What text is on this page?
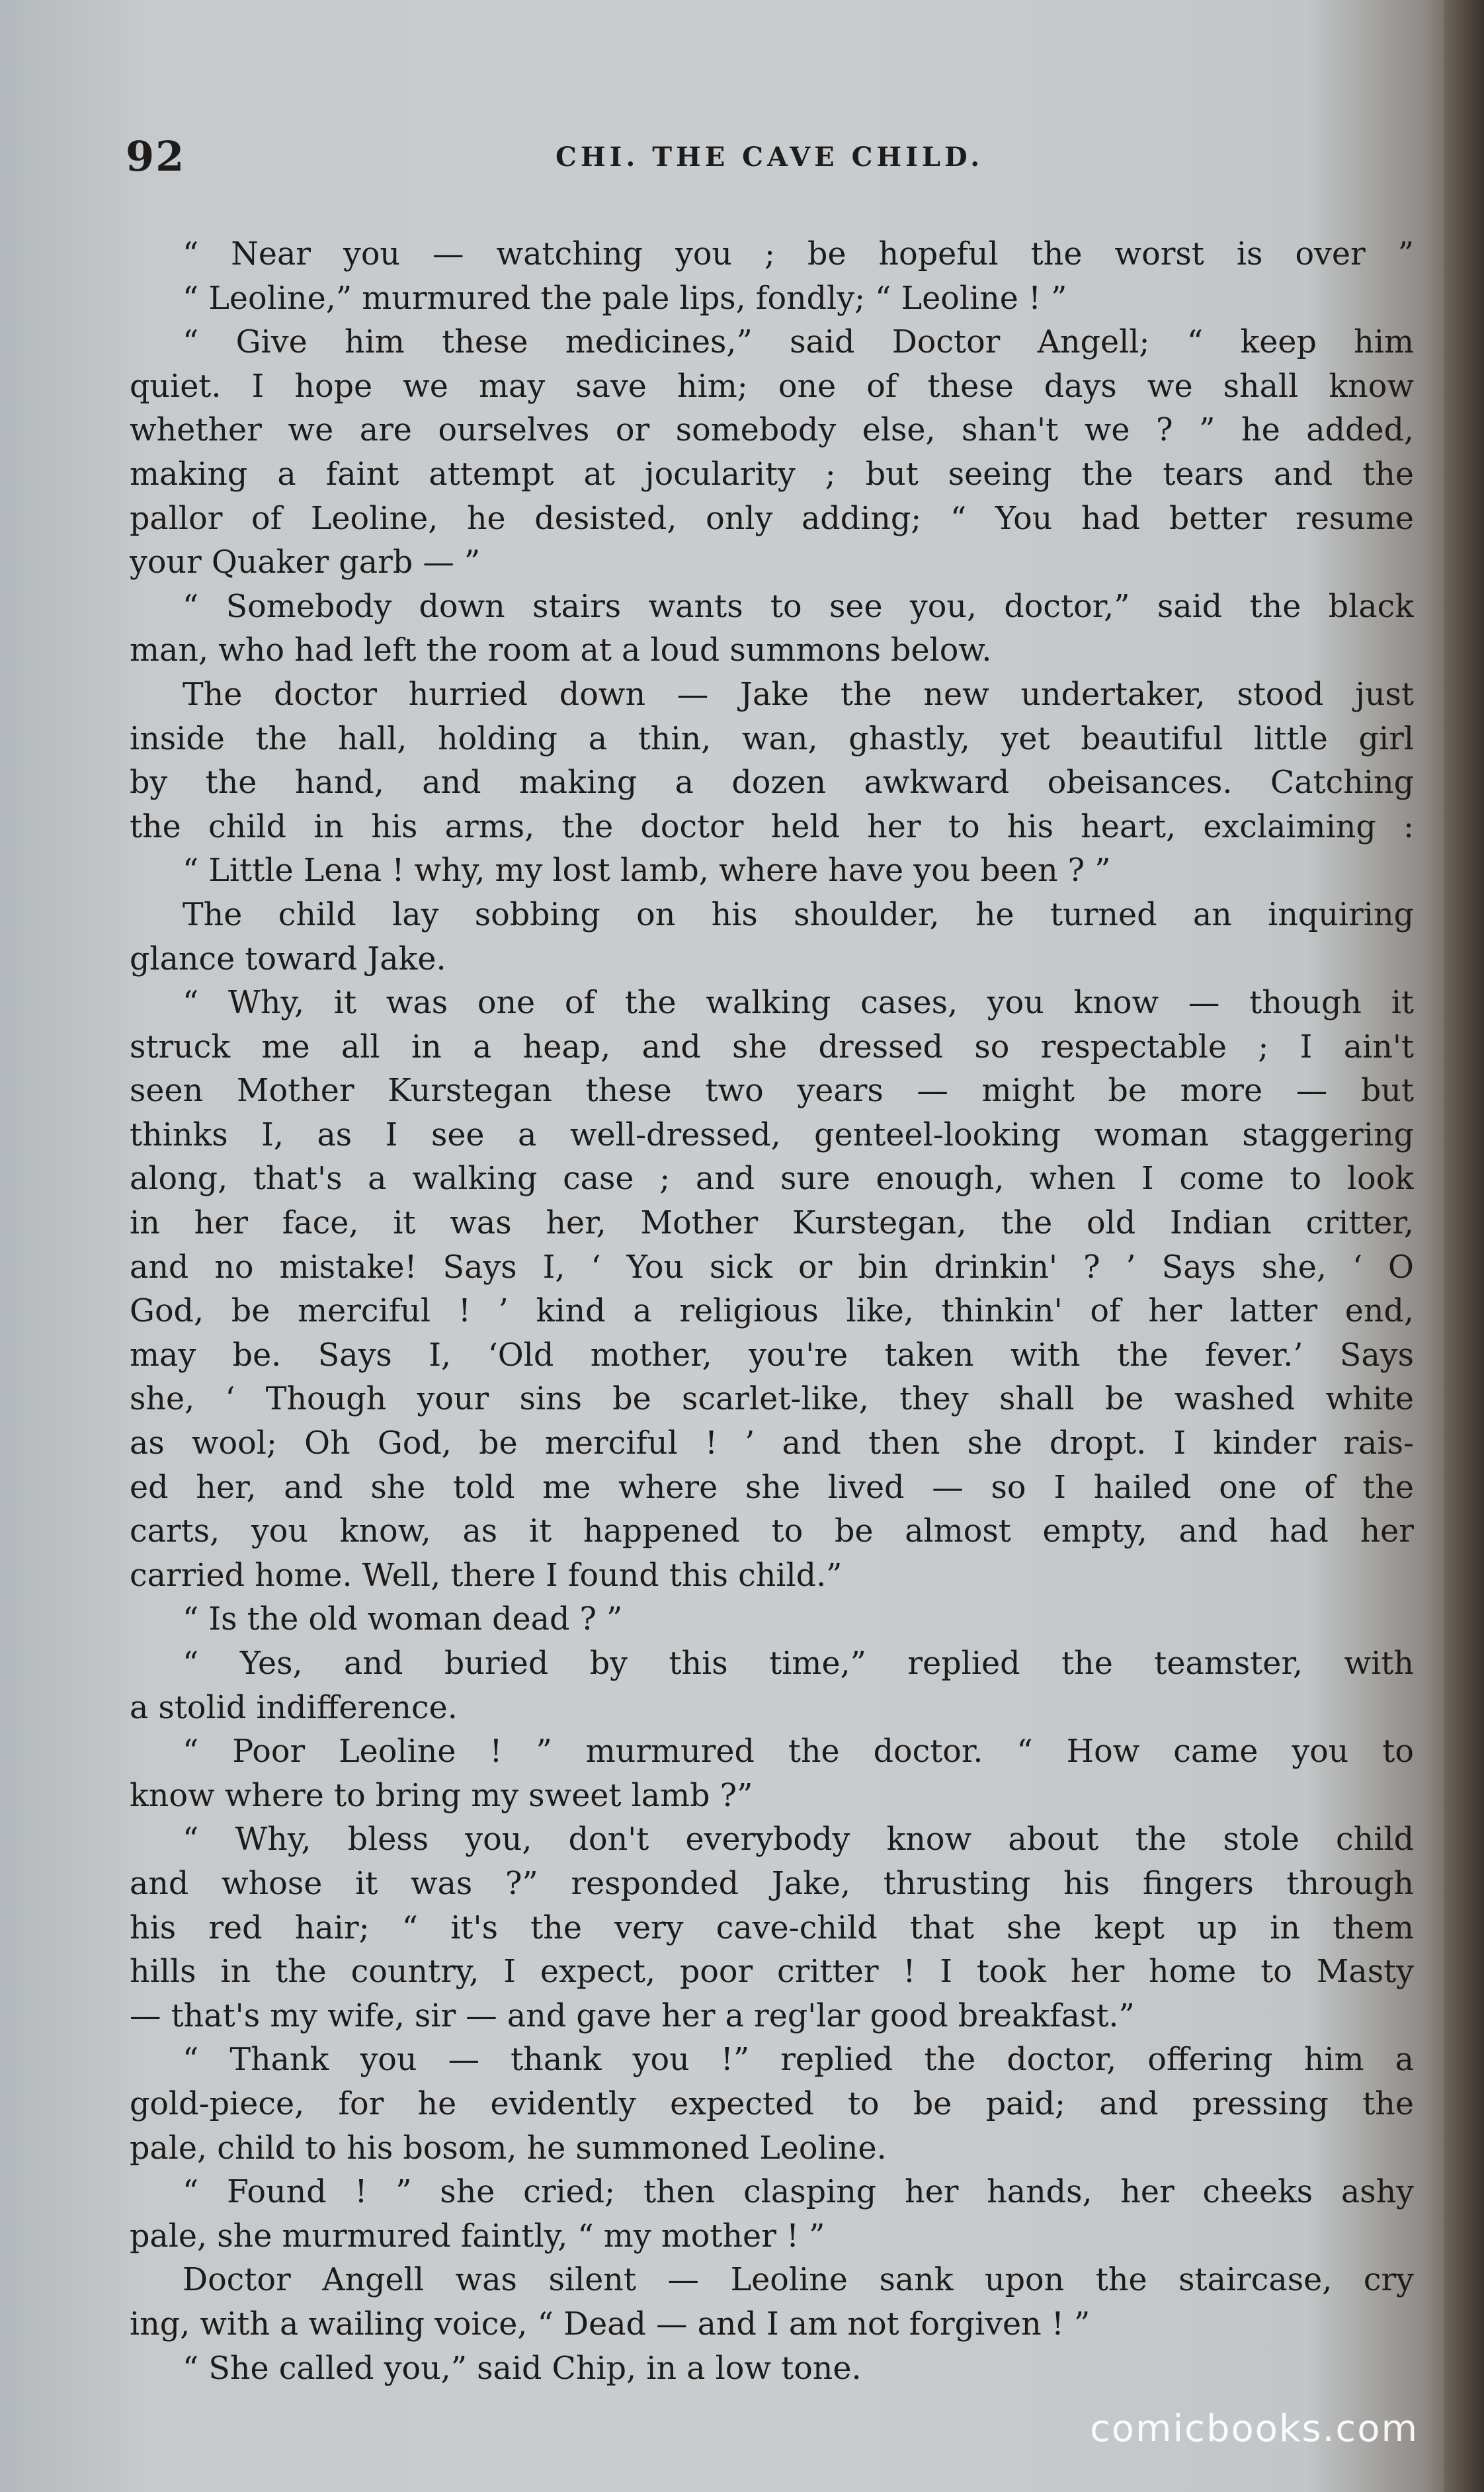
92	CHI. THE CAVE CHILD.
“ Near you — watching you ; be hopeful the worst is over ”
“ Leoline,” murmured the pale lips, fondly; “ Leoline ! ”
“ Give him these medicines,” said Doctor Angell; “ keep him
quiet. I hope we may save him; one of these days we shall know
whether we are ourselves or somebody else, shan't we ? ” he added,
making a faint attempt at jocularity ; but seeing the tears and the
pallor of Leoline, he desisted, only adding; “ You had better resume
your Quaker garb — ”
“ Somebody down stairs wants to see you, doctor,” said the black
man, who had left the room at a loud summons below.
The doctor hurried down — Jake the new undertaker, stood just
inside the hall, holding a thin, wan, ghastly, yet beautiful little girl
by the hand, and making a dozen awkward obeisances. Catching
the child in his arms, the doctor held her to his heart, exclaiming :
“ Little Lena ! why, my lost lamb, where have you been ? ”
The child lay sobbing on his shoulder, he turned an inquiring
glance toward Jake.
“ Why, it was one of the walking cases, you know — though it
struck me all in a heap, and she dressed so respectable ; I ain't
seen Mother Kurstegan these two years — might be more — but
thinks I, as I see a well-dressed, genteel-looking woman staggering
along, that's a walking case ; and sure enough, when I come to look
in her face, it was her, Mother Kurstegan, the old Indian critter,
and no mistake! Says I, ‘ You sick or bin drinkin' ? ’ Says she, ‘ O
God, be merciful ! ’ kind a religious like, thinkin' of her latter end,
may be. Says I, ‘Old mother, you're taken with the fever.’ Says
she, ‘ Though your sins be scarlet-like, they shall be washed white
as wool; Oh God, be merciful ! ’ and then she dropt. I kinder rais-
ed her, and she told me where she lived — so I hailed one of the
carts, you know, as it happened to be almost empty, and had her
carried home. Well, there I found this child.”
“ Is the old woman dead ? ”
“ Yes, and buried by this time,” replied the teamster, with
a stolid indifference.
“ Poor Leoline ! ” murmured the doctor. “ How came you to
know where to bring my sweet lamb ?”
“ Why, bless you, don't everybody know about the stole child
and whose it was ?” responded Jake, thrusting his fingers through
his red hair; “ it's the very cave-child that she kept up in them
hills in the country, I expect, poor critter ! I took her home to Masty
— that's my wife, sir — and gave her a reg'lar good breakfast.”
“ Thank you — thank you !” replied the doctor, offering him a
gold-piece, for he evidently expected to be paid; and pressing the
pale, child to his bosom, he summoned Leoline.
“ Found ! ” she cried; then clasping her hands, her cheeks ashy
pale, she murmured faintly, “ my mother ! ”
Doctor Angell was silent — Leoline sank upon the staircase, cry
ing, with a wailing voice, “ Dead — and I am not forgiven ! ”
“ She called you,” said Chip, in a low tone.
comicbooks.com
